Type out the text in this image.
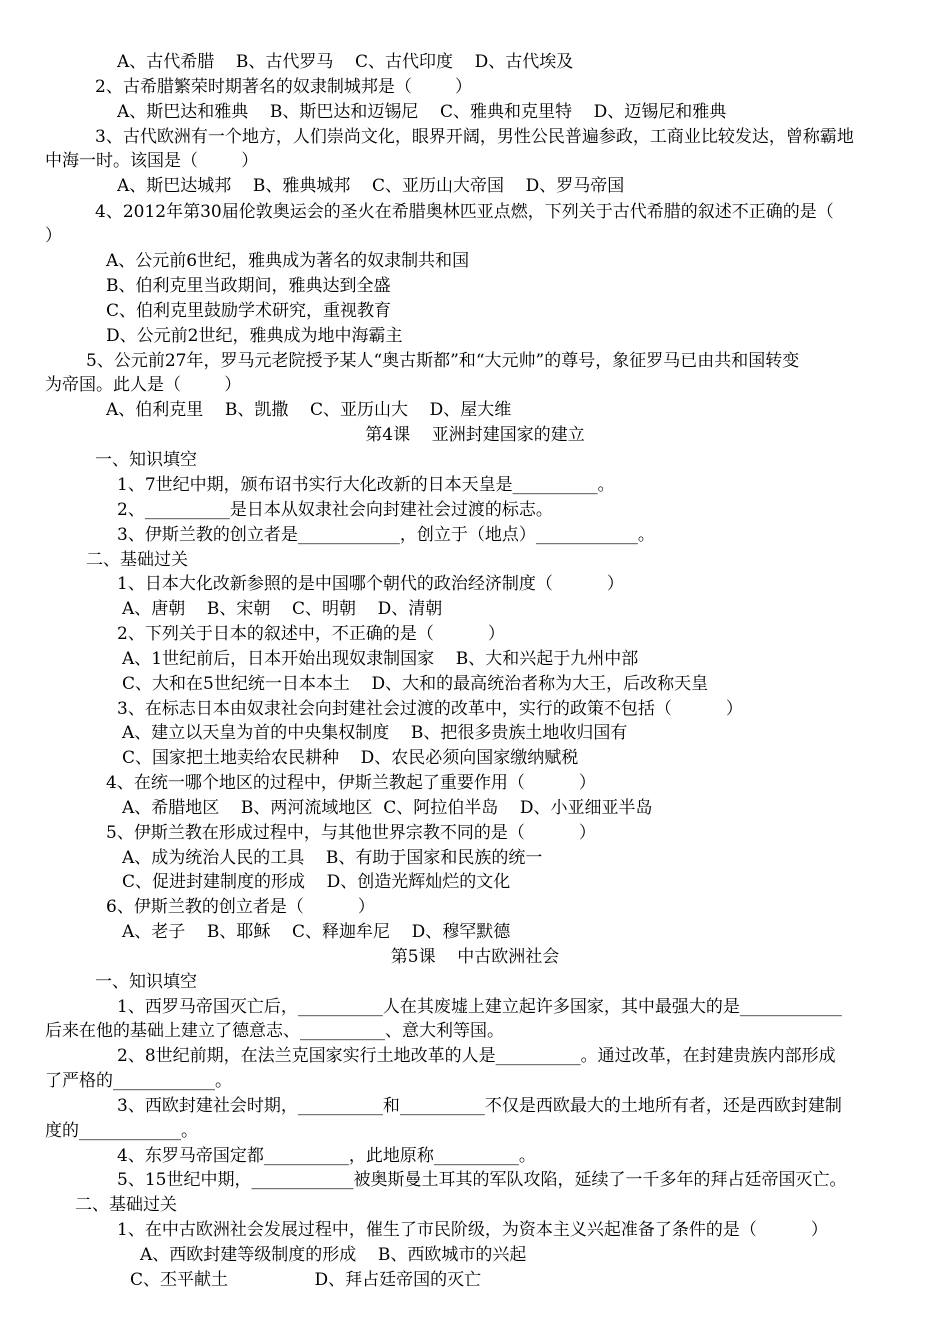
A、古代希腊    B、古代罗马    C、古代印度    D、古代埃及
2、古希腊繁荣时期著名的奴隶制城邦是（        ）
A、斯巴达和雅典    B、斯巴达和迈锡尼    C、雅典和克里特    D、迈锡尼和雅典
3、古代欧洲有一个地方，人们崇尚文化，眼界开阔，男性公民普遍参政，工商业比较发达，曾称霸地
中海一时。该国是（        ）
A、斯巴达城邦    B、雅典城邦    C、亚历山大帝国    D、罗马帝国
4、2012年第30届伦敦奥运会的圣火在希腊奥林匹亚点燃，下列关于古代希腊的叙述不正确的是（
）
A、公元前6世纪，雅典成为著名的奴隶制共和国
B、伯利克里当政期间，雅典达到全盛
C、伯利克里鼓励学术研究，重视教育
D、公元前2世纪，雅典成为地中海霸主
5、公元前27年，罗马元老院授予某人“奥古斯都”和“大元帅”的尊号，象征罗马已由共和国转变
为帝国。此人是（        ）
A、伯利克里    B、凯撒    C、亚历山大    D、屋大维
第4课    亚洲封建国家的建立
一、知识填空
1、7世纪中期，颁布诏书实行大化改新的日本天皇是__________。
2、__________是日本从奴隶社会向封建社会过渡的标志。
3、伊斯兰教的创立者是____________，创立于（地点）____________。
二、基础过关
1、日本大化改新参照的是中国哪个朝代的政治经济制度（          ）
A、唐朝    B、宋朝    C、明朝    D、清朝
2、下列关于日本的叙述中，不正确的是（          ）
A、1世纪前后，日本开始出现奴隶制国家    B、大和兴起于九州中部
C、大和在5世纪统一日本本土    D、大和的最高统治者称为大王，后改称天皇
3、在标志日本由奴隶社会向封建社会过渡的改革中，实行的政策不包括（          ）
A、建立以天皇为首的中央集权制度    B、把很多贵族土地收归国有
C、国家把土地卖给农民耕种    D、农民必须向国家缴纳赋税
4、在统一哪个地区的过程中，伊斯兰教起了重要作用（          ）
A、希腊地区    B、两河流域地区  C、阿拉伯半岛    D、小亚细亚半岛
5、伊斯兰教在形成过程中，与其他世界宗教不同的是（          ）
A、成为统治人民的工具    B、有助于国家和民族的统一
C、促进封建制度的形成    D、创造光辉灿烂的文化
6、伊斯兰教的创立者是（          ）
A、老子    B、耶稣    C、释迦牟尼    D、穆罕默德
第5课    中古欧洲社会
一、知识填空
1、西罗马帝国灭亡后，__________人在其废墟上建立起许多国家，其中最强大的是____________
后来在他的基础上建立了德意志、__________、意大利等国。
2、8世纪前期，在法兰克国家实行土地改革的人是__________。通过改革，在封建贵族内部形成
了严格的____________。
3、西欧封建社会时期，__________和__________不仅是西欧最大的土地所有者，还是西欧封建制
度的____________。
4、东罗马帝国定都__________，此地原称__________。
5、15世纪中期，____________被奥斯曼土耳其的军队攻陷，延续了一千多年的拜占廷帝国灭亡。
二、基础过关
1、在中古欧洲社会发展过程中，催生了市民阶级，为资本主义兴起准备了条件的是（          ）
A、西欧封建等级制度的形成    B、西欧城市的兴起
C、丕平献土                D、拜占廷帝国的灭亡
